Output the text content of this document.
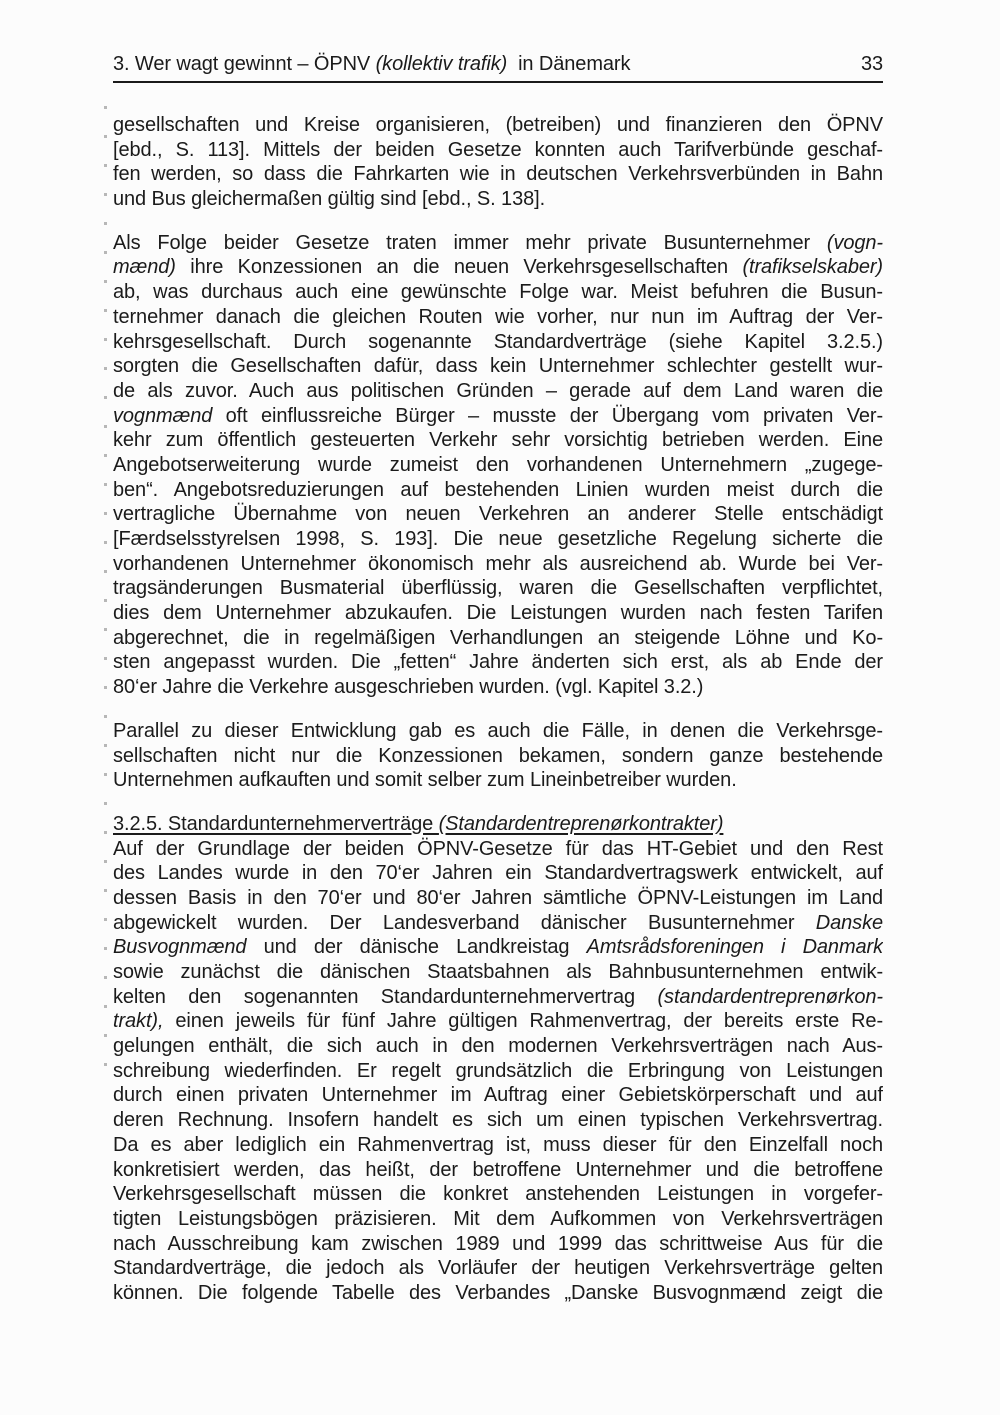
3. Wer wagt gewinnt – ÖPNV (kollektiv trafik)  in Dänemark	33
gesellschaften und Kreise organisieren, (betreiben) und finanzieren den ÖPNV
[ebd., S. 113]. Mittels der beiden Gesetze konnten auch Tarifverbünde geschaf-
fen werden, so dass die Fahrkarten wie in deutschen Verkehrsverbünden in Bahn
und Bus gleichermaßen gültig sind [ebd., S. 138].
Als Folge beider Gesetze traten immer mehr private Busunternehmer (vogn-
mænd) ihre Konzessionen an die neuen Verkehrsgesellschaften (trafikselskaber)
ab, was durchaus auch eine gewünschte Folge war. Meist befuhren die Busun-
ternehmer danach die gleichen Routen wie vorher, nur nun im Auftrag der Ver-
kehrsgesellschaft. Durch sogenannte Standardverträge (siehe Kapitel 3.2.5.)
sorgten die Gesellschaften dafür, dass kein Unternehmer schlechter gestellt wur-
de als zuvor. Auch aus politischen Gründen – gerade auf dem Land waren die
vognmænd oft einflussreiche Bürger – musste der Übergang vom privaten Ver-
kehr zum öffentlich gesteuerten Verkehr sehr vorsichtig betrieben werden. Eine
Angebotserweiterung wurde zumeist den vorhandenen Unternehmern „zugege-
ben“. Angebotsreduzierungen auf bestehenden Linien wurden meist durch die
vertragliche Übernahme von neuen Verkehren an anderer Stelle entschädigt
[Færdselsstyrelsen 1998, S. 193]. Die neue gesetzliche Regelung sicherte die
vorhandenen Unternehmer ökonomisch mehr als ausreichend ab. Wurde bei Ver-
tragsänderungen Busmaterial überflüssig, waren die Gesellschaften verpflichtet,
dies dem Unternehmer abzukaufen. Die Leistungen wurden nach festen Tarifen
abgerechnet, die in regelmäßigen Verhandlungen an steigende Löhne und Ko-
sten angepasst wurden. Die „fetten“ Jahre änderten sich erst, als ab Ende der
80‘er Jahre die Verkehre ausgeschrieben wurden. (vgl. Kapitel 3.2.)
Parallel zu dieser Entwicklung gab es auch die Fälle, in denen die Verkehrsge-
sellschaften nicht nur die Konzessionen bekamen, sondern ganze bestehende
Unternehmen aufkauften und somit selber zum Lineinbetreiber wurden.
3.2.5. Standardunternehmerverträge (Standardentreprenørkontrakter)
Auf der Grundlage der beiden ÖPNV-Gesetze für das HT-Gebiet und den Rest
des Landes wurde in den 70‘er Jahren ein Standardvertragswerk entwickelt, auf
dessen Basis in den 70‘er und 80‘er Jahren sämtliche ÖPNV-Leistungen im Land
abgewickelt wurden. Der Landesverband dänischer Busunternehmer Danske
Busvognmænd und der dänische Landkreistag Amtsrådsforeningen i Danmark
sowie zunächst die dänischen Staatsbahnen als Bahnbusunternehmen entwik-
kelten den sogenannten Standardunternehmervertrag (standardentreprenørkon-
trakt), einen jeweils für fünf Jahre gültigen Rahmenvertrag, der bereits erste Re-
gelungen enthält, die sich auch in den modernen Verkehrsverträgen nach Aus-
schreibung wiederfinden. Er regelt grundsätzlich die Erbringung von Leistungen
durch einen privaten Unternehmer im Auftrag einer Gebietskörperschaft und auf
deren Rechnung. Insofern handelt es sich um einen typischen Verkehrsvertrag.
Da es aber lediglich ein Rahmenvertrag ist, muss dieser für den Einzelfall noch
konkretisiert werden, das heißt, der betroffene Unternehmer und die betroffene
Verkehrsgesellschaft müssen die konkret anstehenden Leistungen in vorgefer-
tigten Leistungsbögen präzisieren. Mit dem Aufkommen von Verkehrsverträgen
nach Ausschreibung kam zwischen 1989 und 1999 das schrittweise Aus für die
Standardverträge, die jedoch als Vorläufer der heutigen Verkehrsverträge gelten
können. Die folgende Tabelle des Verbandes „Danske Busvognmænd zeigt die
